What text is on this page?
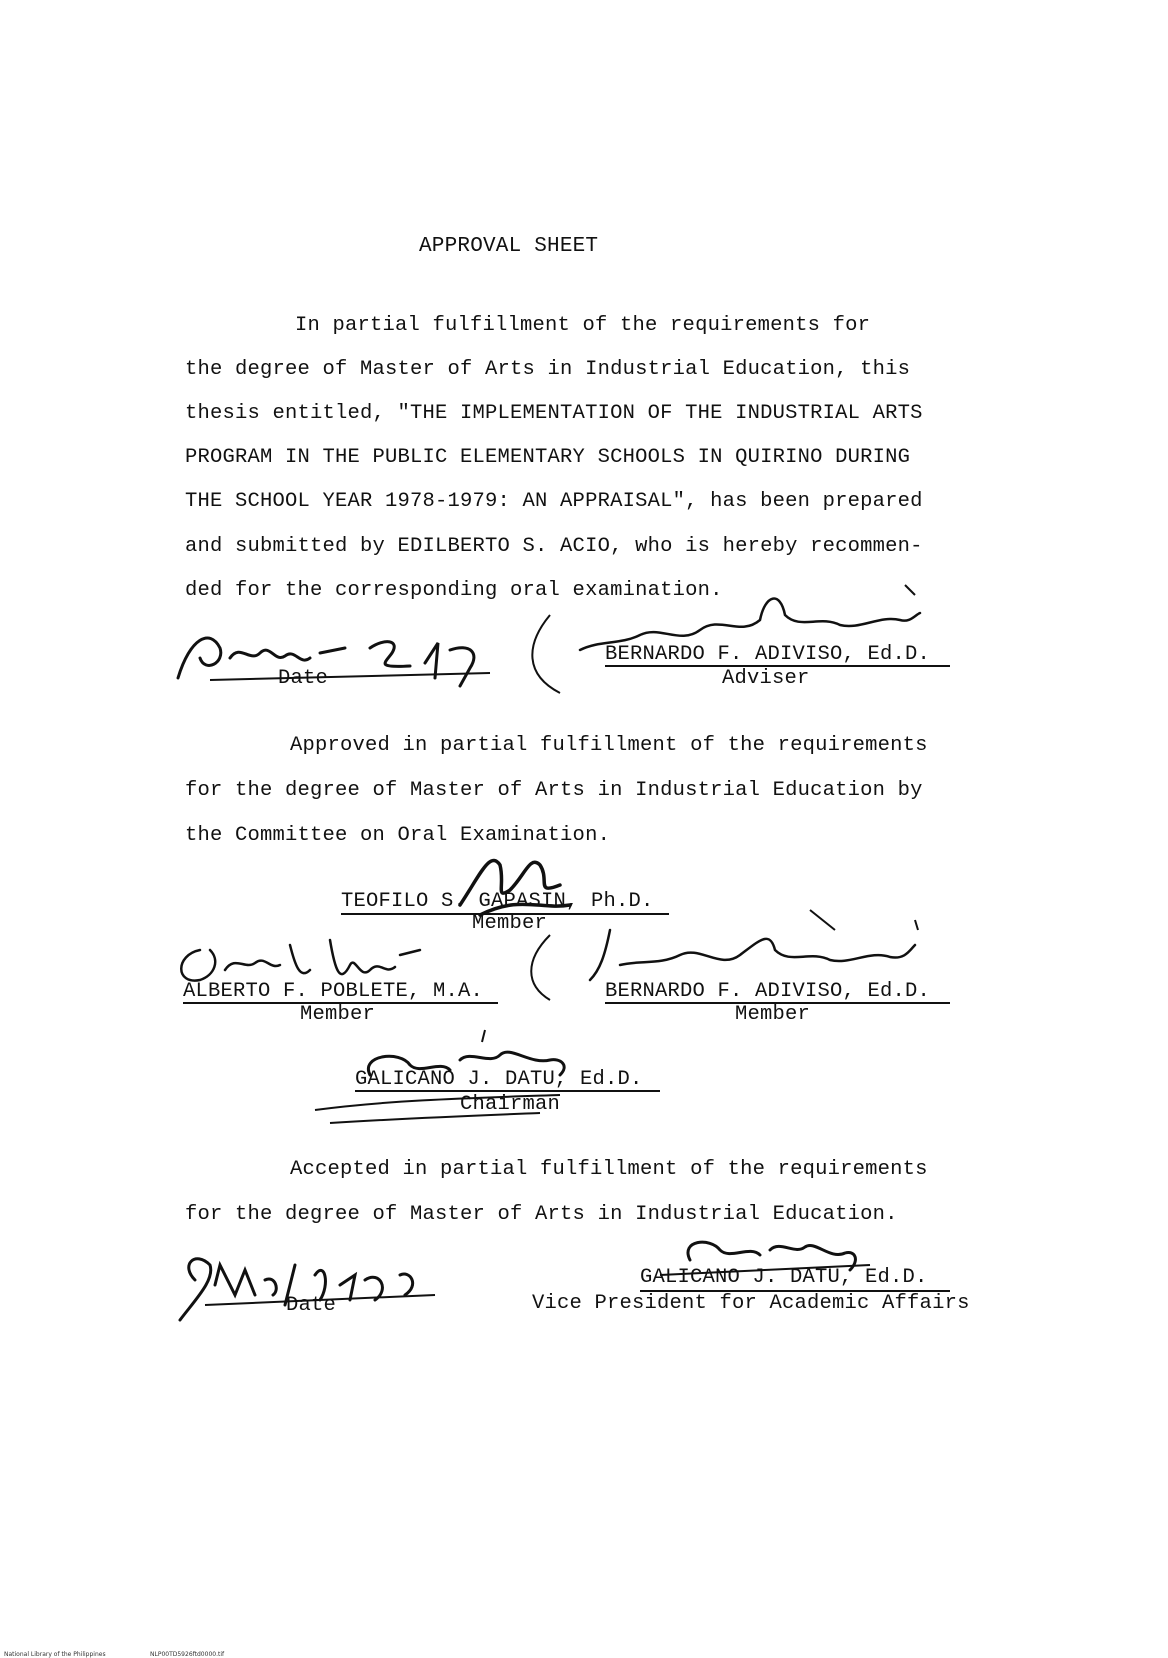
APPROVAL SHEET
In partial fulfillment of the requirements for
the degree of Master of Arts in Industrial Education, this
thesis entitled, "THE IMPLEMENTATION OF THE INDUSTRIAL ARTS
PROGRAM IN THE PUBLIC ELEMENTARY SCHOOLS IN QUIRINO DURING
THE SCHOOL YEAR 1978-1979: AN APPRAISAL", has been prepared
and submitted by EDILBERTO S. ACIO, who is hereby recommen-
ded for the corresponding oral examination.
Date
BERNARDO F. ADIVISO, Ed.D.
Adviser
Approved in partial fulfillment of the requirements
for the degree of Master of Arts in Industrial Education by
the Committee on Oral Examination.
TEOFILO S. GAPASIN, Ph.D.
Member
ALBERTO F. POBLETE, M.A.
Member
BERNARDO F. ADIVISO, Ed.D.
Member
GALICANO J. DATU, Ed.D.
Chairman
Accepted in partial fulfillment of the requirements
for the degree of Master of Arts in Industrial Education.
Date
GALICANO J. DATU, Ed.D.
Vice President for Academic Affairs
National Library of the Philippines	NLP00TD5926ftd0000.tif
